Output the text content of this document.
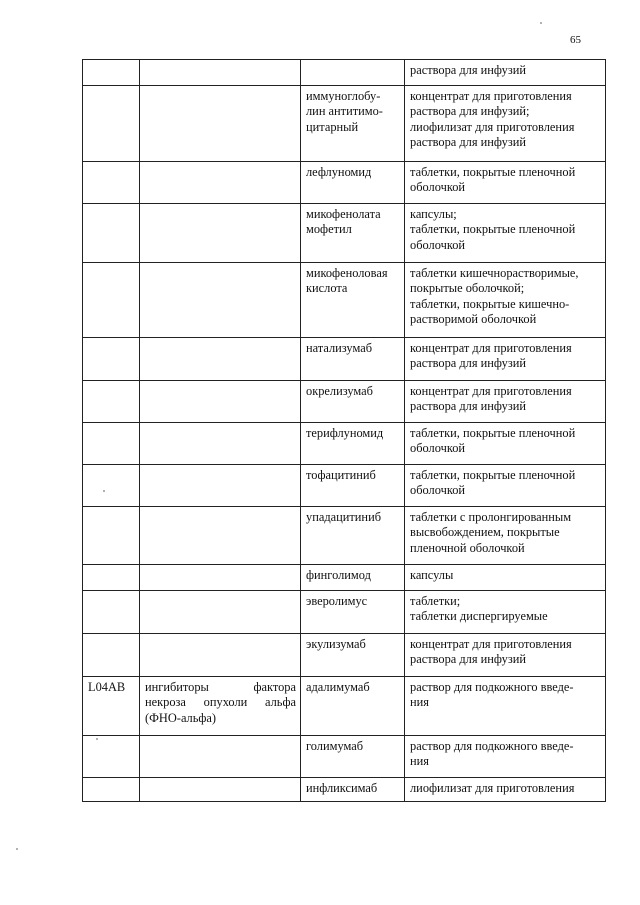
65
			раствора для инфузий
		иммуноглобу-
лин антитимо-
цитарный	концентрат для приготовления
раствора для инфузий;
лиофилизат для приготовления
раствора для инфузий
		лефлуномид	таблетки, покрытые пленочной
оболочкой
		микофенолата
мофетил	капсулы;
таблетки, покрытые пленочной
оболочкой
		микофеноловая
кислота	таблетки кишечнорастворимые,
покрытые оболочкой;
таблетки, покрытые кишечно-
растворимой оболочкой
		натализумаб	концентрат для приготовления
раствора для инфузий
		окрелизумаб	концентрат для приготовления
раствора для инфузий
		терифлуномид	таблетки, покрытые пленочной
оболочкой
		тофацитиниб	таблетки, покрытые пленочной
оболочкой
		упадацитиниб	таблетки с пролонгированным
высвобождением, покрытые
пленочной оболочкой
		финголимод	капсулы
		эверолимус	таблетки;
таблетки диспергируемые
		экулизумаб	концентрат для приготовления
раствора для инфузий
L04AB	ингибиторы фактора некроза опухоли альфа (ФНО-альфа)	адалимумаб	раствор для подкожного введе-
ния
		голимумаб	раствор для подкожного введе-
ния
		инфликсимаб	лиофилизат для приготовления
